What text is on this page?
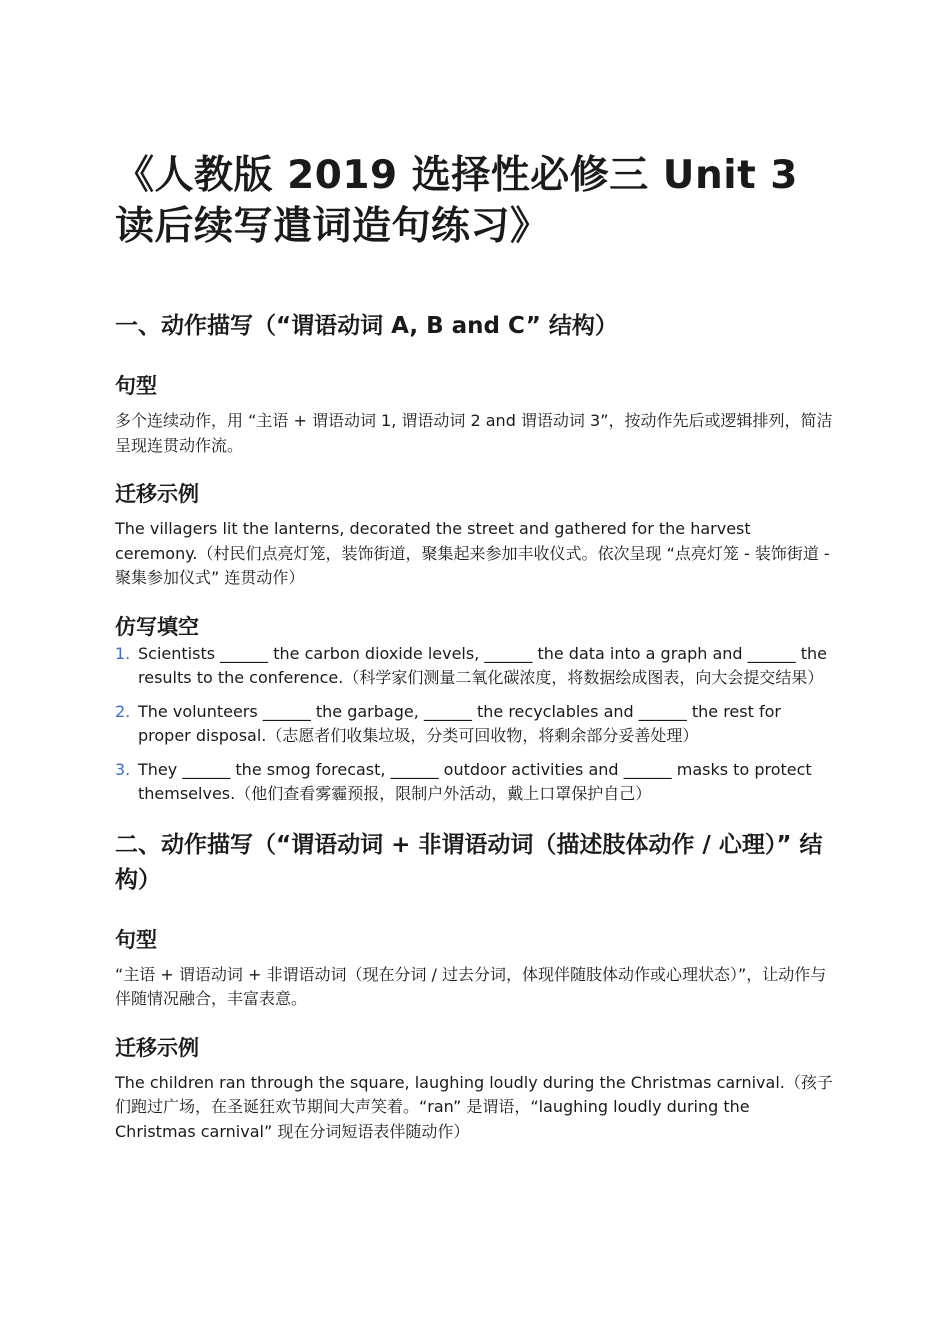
《人教版 2019 选择性必修三 Unit 3 读后续写遣词造句练习》
一、动作描写（“谓语动词 A, B and C” 结构）
句型

多个连续动作，用 “主语 + 谓语动词 1, 谓语动词 2 and 谓语动词 3”，按动作先后或逻辑排列，简洁呈现连贯动作流。

迁移示例

The villagers lit the lanterns, decorated the street and gathered for the harvest ceremony.（村民们点亮灯笼，装饰街道，聚集起来参加丰收仪式。依次呈现 “点亮灯笼 - 装饰街道 - 聚集参加仪式” 连贯动作）

仿写填空
1. Scientists ______ the carbon dioxide levels, ______ the data into a graph and ______ the results to the conference.（科学家们测量二氧化碳浓度，将数据绘成图表，向大会提交结果）
2. The volunteers ______ the garbage, ______ the recyclables and ______ the rest for proper disposal.（志愿者们收集垃圾，分类可回收物，将剩余部分妥善处理）
3. They ______ the smog forecast, ______ outdoor activities and ______ masks to protect themselves.（他们查看雾霾预报，限制户外活动，戴上口罩保护自己）
二、动作描写（“谓语动词 + 非谓语动词（描述肢体动作 / 心理）” 结构）
句型

“主语 + 谓语动词 + 非谓语动词（现在分词 / 过去分词，体现伴随肢体动作或心理状态）”，让动作与伴随情况融合，丰富表意。

迁移示例

The children ran through the square, laughing loudly during the Christmas carnival.（孩子们跑过广场，在圣诞狂欢节期间大声笑着。“ran” 是谓语，“laughing loudly during the Christmas carnival” 现在分词短语表伴随动作）
